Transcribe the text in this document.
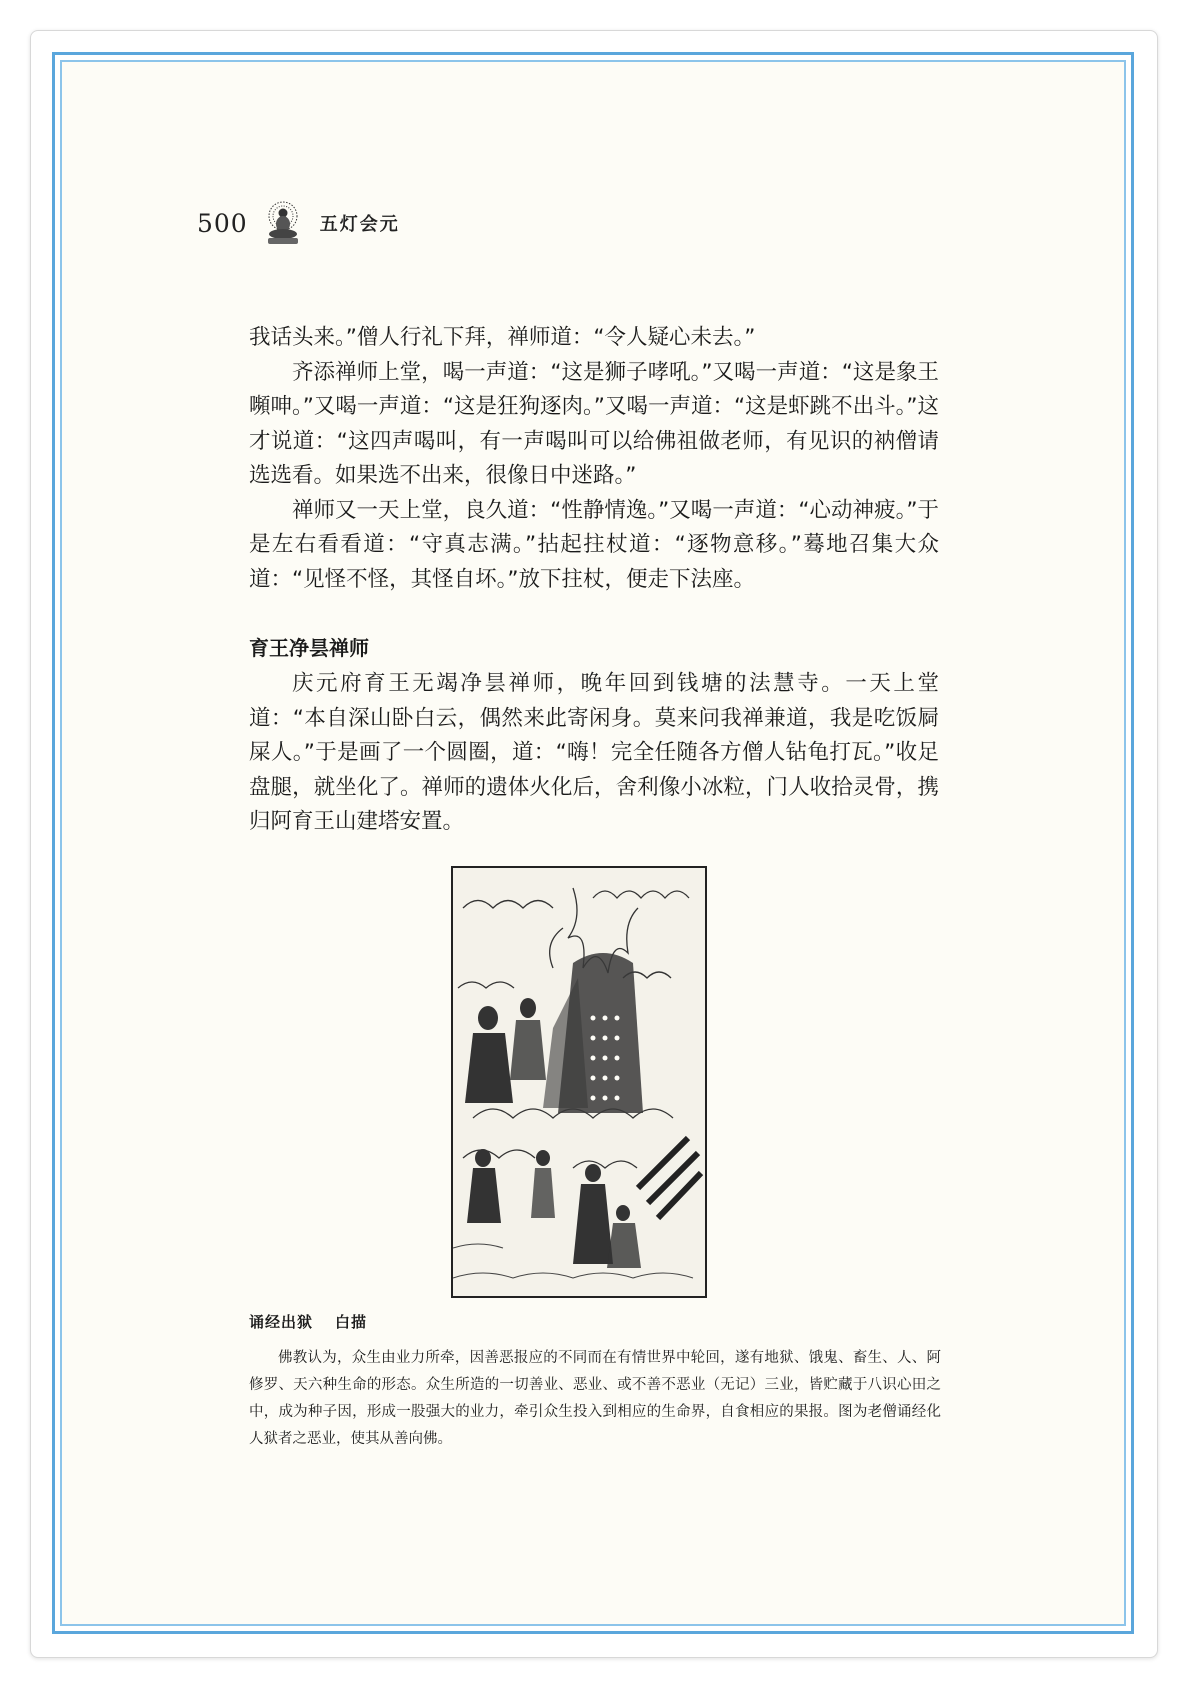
500	五灯会元

我话头来。”僧人行礼下拜，禅师道：“令人疑心未去。”

齐添禅师上堂，喝一声道：“这是狮子哮吼。”又喝一声道：“这是象王嚬呻。”又喝一声道：“这是狂狗逐肉。”又喝一声道：“这是虾跳不出斗。”这才说道：“这四声喝叫，有一声喝叫可以给佛祖做老师，有见识的衲僧请选选看。如果选不出来，很像日中迷路。”

禅师又一天上堂，良久道：“性静情逸。”又喝一声道：“心动神疲。”于是左右看看道：“守真志满。”拈起拄杖道：“逐物意移。”蓦地召集大众道：“见怪不怪，其怪自坏。”放下拄杖，便走下法座。

育王净昙禅师

庆元府育王无竭净昙禅师，晚年回到钱塘的法慧寺。一天上堂道：“本自深山卧白云，偶然来此寄闲身。莫来问我禅兼道，我是吃饭屙屎人。”于是画了一个圆圈，道：“嗨！完全任随各方僧人钻龟打瓦。”收足盘腿，就坐化了。禅师的遗体火化后，舍利像小冰粒，门人收拾灵骨，携归阿育王山建塔安置。

诵经出狱 白描

佛教认为，众生由业力所牵，因善恶报应的不同而在有情世界中轮回，遂有地狱、饿鬼、畜生、人、阿修罗、天六种生命的形态。众生所造的一切善业、恶业、或不善不恶业（无记）三业，皆贮藏于八识心田之中，成为种子因，形成一股强大的业力，牵引众生投入到相应的生命界，自食相应的果报。图为老僧诵经化人狱者之恶业，使其从善向佛。
